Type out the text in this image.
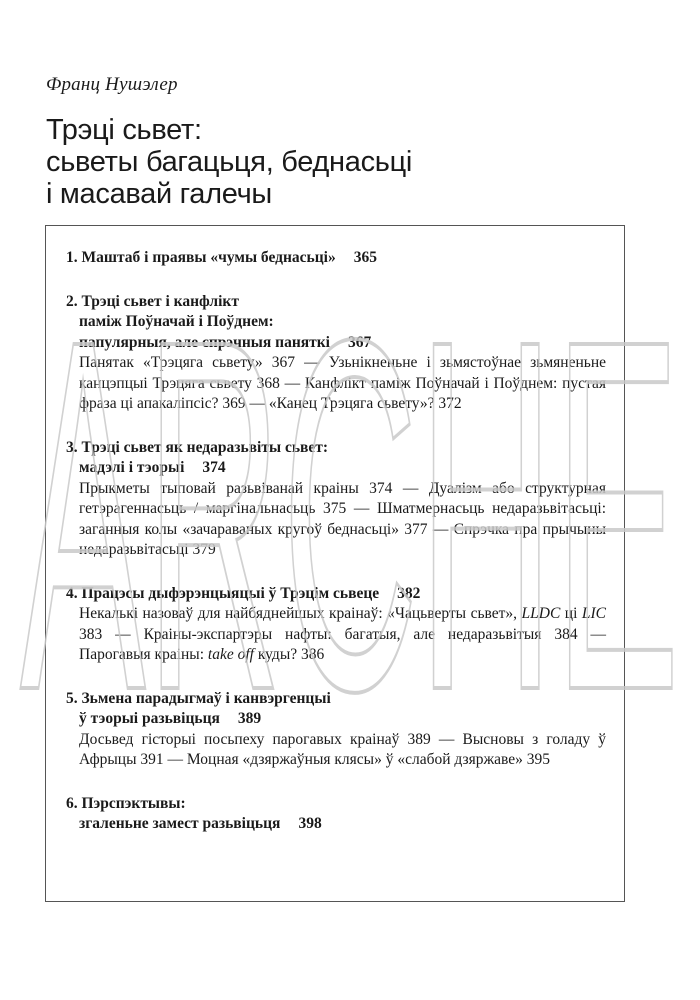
Франц Нушэлер
Трэці сьвет:
сьветы багацьця, беднасьці
і масавай галечы
1. Маштаб і праявы «чумы беднасьці» 365
2. Трэці сьвет і канфлікт
паміж Поўначай і Поўднем:
папулярныя, але спрэчныя паняткі 367
Панятак «Трэцяга сьвету» 367 — Узьнікненьне і зьмястоўнае зьмяненьне канцэпцыі Трэцяга сьвету 368 — Канфлікт паміж Поўначай і Поўднем: пустая фраза ці апакаліпсіс? 369 — «Канец Трэцяга сьвету»? 372
3. Трэці сьвет як недаразьвіты сьвет:
мадэлі і тэорыі 374
Прыкметы тыповай разьвіванай краіны 374 — Дуалізм або структурная гетэрагеннасьць / маргінальнасьць 375 — Шматмернасьць недаразьвітасьці: заганныя колы «зачараваных кругоў беднасьці» 377 — Спрэчка пра прычыны недаразьвітасьці 379
4. Працэсы дыфэрэнцыяцыі ў Трэцім сьвеце 382
Некалькі назоваў для найбяднейшых краінаў: «Чацьверты сьвет», LLDC ці LIC 383 — Краіны-экспартэры нафты: багатыя, але недаразьвітыя 384 — Парогавыя краіны: take off куды? 386
5. Зьмена парадыгмаў і канвэргенцыі
ў тэорыі разьвіцьця 389
Досьвед гісторыі посьпеху парогавых краінаў 389 — Высновы з голаду ў Афрыцы 391 — Моцная «дзяржаўныя клясы» ў «слабой дзяржаве» 395
6. Пэрспэктывы:
згаленьне замест разьвіцьця 398
ARCHE
